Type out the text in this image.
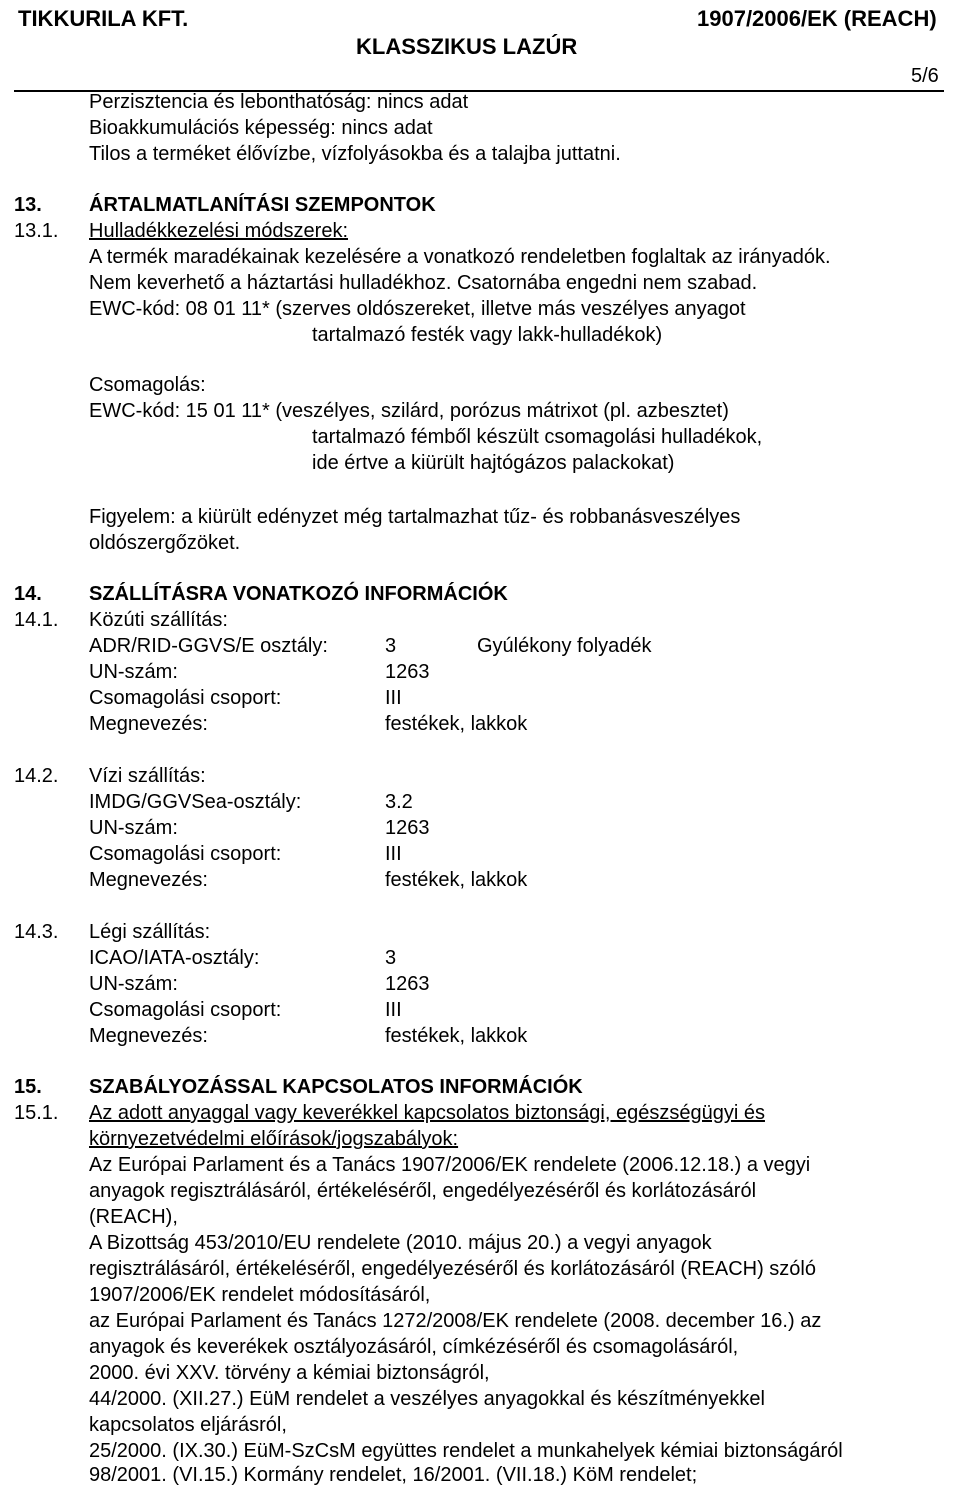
TIKKURILA KFT.
KLASSZIKUS LAZÚR
1907/2006/EK (REACH)
5/6
Perzisztencia és lebonthatóság: nincs adat
Bioakkumulációs képesség: nincs adat
Tilos a terméket élővízbe, vízfolyásokba és a talajba juttatni.
13. ÁRTALMATLANÍTÁSI SZEMPONTOK
13.1. Hulladékkezelési módszerek:
A termék maradékainak kezelésére a vonatkozó rendeletben foglaltak az irányadók.
Nem keverhető a háztartási hulladékhoz. Csatornába engedni nem szabad.
EWC-kód: 08 01 11* (szerves oldószereket, illetve más veszélyes anyagot
tartalmazó festék vagy lakk-hulladékok)
Csomagolás:
EWC-kód: 15 01 11* (veszélyes, szilárd, porózus mátrixot (pl. azbesztet)
tartalmazó fémből készült csomagolási hulladékok,
ide értve a kiürült hajtógázos palackokat)
Figyelem: a kiürült edényzet még tartalmazhat tűz- és robbanásveszélyes
oldószergőzöket.
14. SZÁLLÍTÁSRA VONATKOZÓ INFORMÁCIÓK
14.1. Közúti szállítás:
ADR/RID-GGVS/E osztály:	3	Gyúlékony folyadék
UN-szám:	1263
Csomagolási csoport:	III
Megnevezés:	festékek, lakkok
14.2. Vízi szállítás:
IMDG/GGVSea-osztály:	3.2
UN-szám:	1263
Csomagolási csoport:	III
Megnevezés:	festékek, lakkok
14.3. Légi szállítás:
ICAO/IATA-osztály:	3
UN-szám:	1263
Csomagolási csoport:	III
Megnevezés:	festékek, lakkok
15. SZABÁLYOZÁSSAL KAPCSOLATOS INFORMÁCIÓK
15.1. Az adott anyaggal vagy keverékkel kapcsolatos biztonsági, egészségügyi és
környezetvédelmi előírások/jogszabályok:
Az Európai Parlament és a Tanács 1907/2006/EK rendelete (2006.12.18.) a vegyi
anyagok regisztrálásáról, értékeléséről, engedélyezéséről és korlátozásáról
(REACH),
A Bizottság 453/2010/EU rendelete (2010. május 20.) a vegyi anyagok
regisztrálásáról, értékeléséről, engedélyezéséről és korlátozásáról (REACH) szóló
1907/2006/EK rendelet módosításáról,
az Európai Parlament és Tanács 1272/2008/EK rendelete (2008. december 16.) az
anyagok és keverékek osztályozásáról, címkézéséről és csomagolásáról,
2000. évi XXV. törvény a kémiai biztonságról,
44/2000. (XII.27.) EüM rendelet a veszélyes anyagokkal és készítményekkel
kapcsolatos eljárásról,
25/2000. (IX.30.) EüM-SzCsM együttes rendelet a munkahelyek kémiai biztonságáról
98/2001. (VI.15.) Kormány rendelet, 16/2001. (VII.18.) KöM rendelet;
